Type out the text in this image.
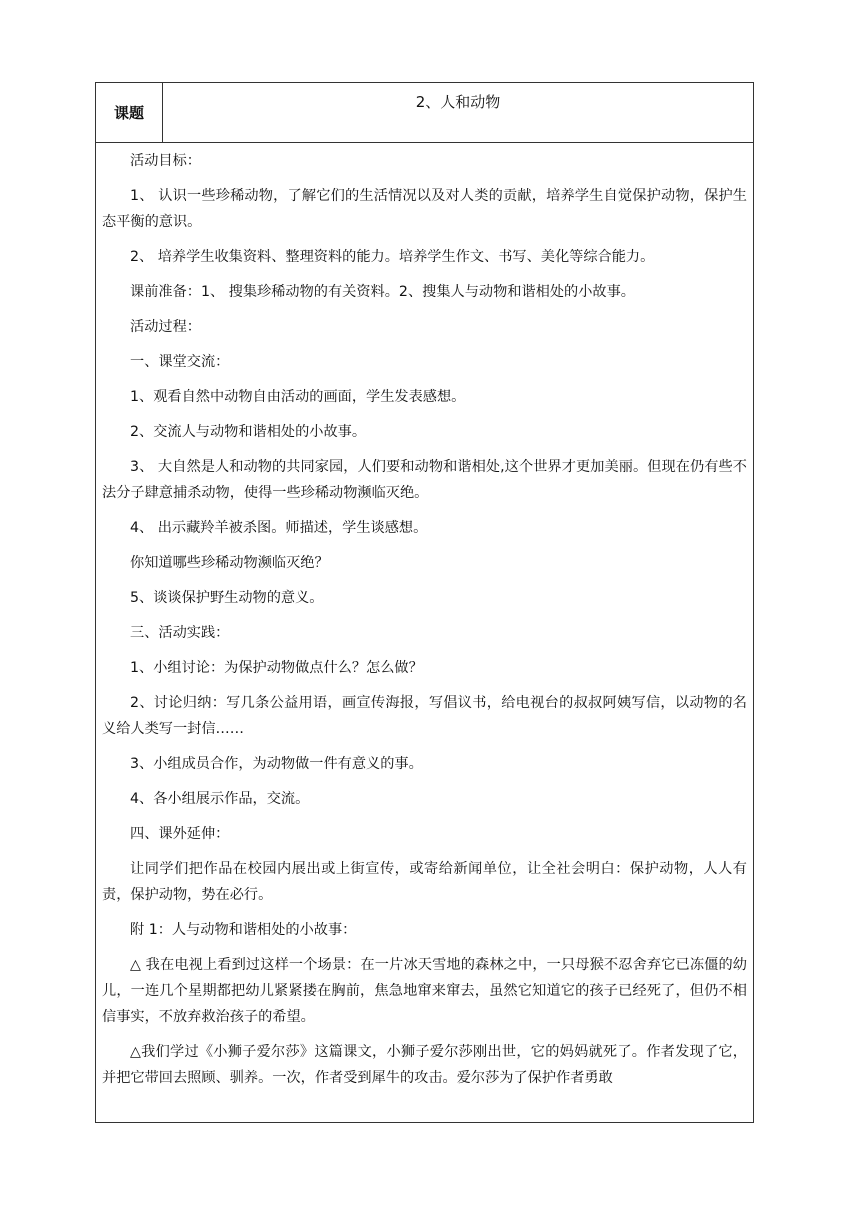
课题
2、人和动物

活动目标：

1、 认识一些珍稀动物，了解它们的生活情况以及对人类的贡献，培养学生自觉保护动物，保护生态平衡的意识。

2、 培养学生收集资料、整理资料的能力。培养学生作文、书写、美化等综合能力。

课前准备：1、 搜集珍稀动物的有关资料。2、搜集人与动物和谐相处的小故事。

活动过程：

一、课堂交流：

1、观看自然中动物自由活动的画面，学生发表感想。

2、交流人与动物和谐相处的小故事。

3、 大自然是人和动物的共同家园，人们要和动物和谐相处,这个世界才更加美丽。但现在仍有些不法分子肆意捕杀动物，使得一些珍稀动物濒临灭绝。

4、 出示藏羚羊被杀图。师描述，学生谈感想。

你知道哪些珍稀动物濒临灭绝？

5、谈谈保护野生动物的意义。

三、活动实践：

1、小组讨论：为保护动物做点什么？怎么做？

2、讨论归纳：写几条公益用语，画宣传海报，写倡议书，给电视台的叔叔阿姨写信，以动物的名义给人类写一封信……

3、小组成员合作，为动物做一件有意义的事。

4、各小组展示作品，交流。

四、课外延伸：

让同学们把作品在校园内展出或上街宣传，或寄给新闻单位，让全社会明白：保护动物，人人有责，保护动物，势在必行。

附 1：人与动物和谐相处的小故事：

△ 我在电视上看到过这样一个场景：在一片冰天雪地的森林之中，一只母猴不忍舍弃它已冻僵的幼儿，一连几个星期都把幼儿紧紧搂在胸前，焦急地窜来窜去，虽然它知道它的孩子已经死了，但仍不相信事实，不放弃救治孩子的希望。

△我们学过《小狮子爱尔莎》这篇课文，小狮子爱尔莎刚出世，它的妈妈就死了。作者发现了它，并把它带回去照顾、驯养。一次，作者受到犀牛的攻击。爱尔莎为了保护作者勇敢
